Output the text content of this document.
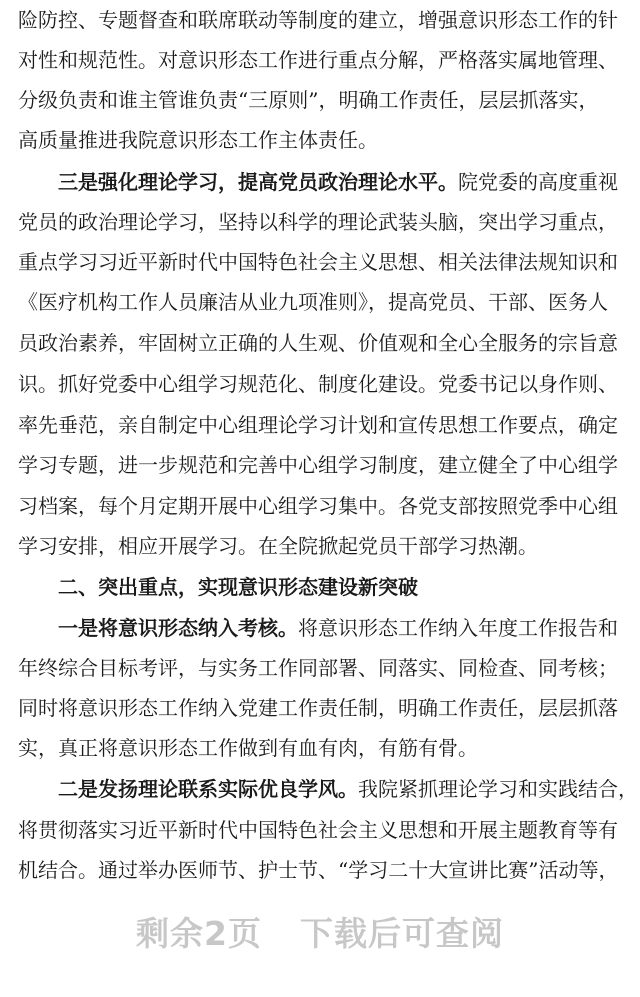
险防控、专题督查和联席联动等制度的建立，增强意识形态工作的针
对性和规范性。对意识形态工作进行重点分解，严格落实属地管理、
分级负责和谁主管谁负责“三原则”，明确工作责任，层层抓落实，
高质量推进我院意识形态工作主体责任。
三是强化理论学习，提高党员政治理论水平。院党委的高度重视
党员的政治理论学习，坚持以科学的理论武装头脑，突出学习重点，
重点学习习近平新时代中国特色社会主义思想、相关法律法规知识和
《医疗机构工作人员廉洁从业九项准则》，提高党员、干部、医务人
员政治素养，牢固树立正确的人生观、价值观和全心全服务的宗旨意
识。抓好党委中心组学习规范化、制度化建设。党委书记以身作则、
率先垂范，亲自制定中心组理论学习计划和宣传思想工作要点，确定
学习专题，进一步规范和完善中心组学习制度，建立健全了中心组学
习档案，每个月定期开展中心组学习集中。各党支部按照党季中心组
学习安排，相应开展学习。在全院掀起党员干部学习热潮。
二、突出重点，实现意识形态建设新突破
一是将意识形态纳入考核。将意识形态工作纳入年度工作报告和
年终综合目标考评，与实务工作同部署、同落实、同检查、同考核；
同时将意识形态工作纳入党建工作责任制，明确工作责任，层层抓落
实，真正将意识形态工作做到有血有肉，有筋有骨。
二是发扬理论联系实际优良学风。我院紧抓理论学习和实践结合，
将贯彻落实习近平新时代中国特色社会主义思想和开展主题教育等有
机结合。通过举办医师节、护士节、“学习二十大宣讲比赛”活动等，
剩余2页 下载后可查阅
